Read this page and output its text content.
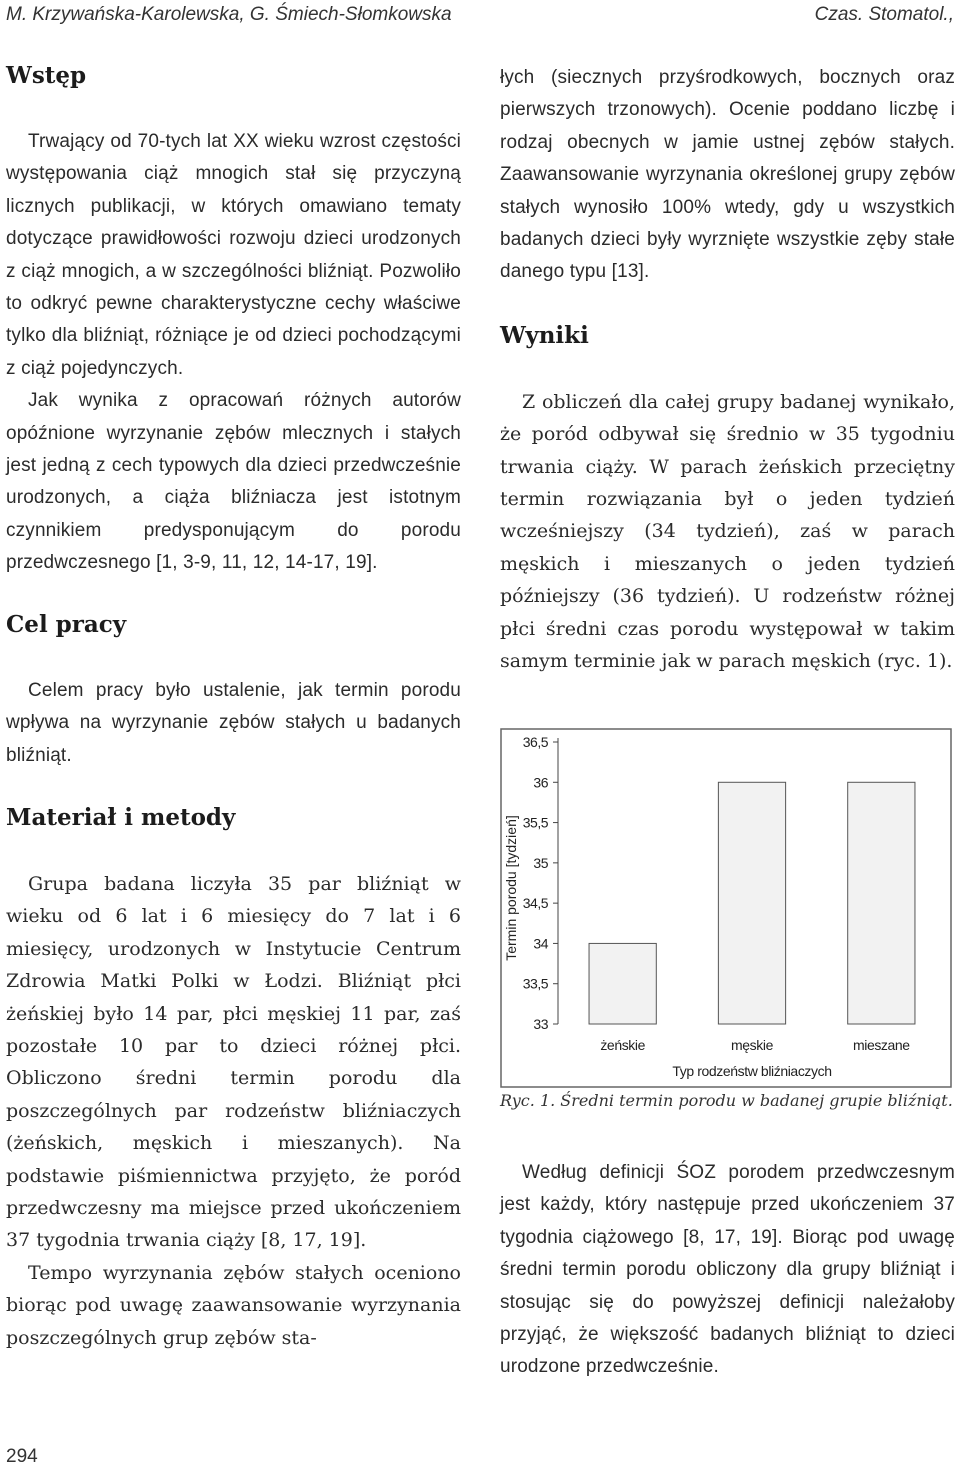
M. Krzywańska-Karolewska, G. Śmiech-Słomkowska	Czas. Stomatol.,
Wstęp

Trwający od 70-tych lat XX wieku wzrost częstości występowania ciąż mnogich stał się przyczyną licznych publikacji, w których omawiano tematy dotyczące prawidłowości rozwoju dzieci urodzonych z ciąż mnogich, a w szczególności bliźniąt. Pozwoliło to odkryć pewne charakterystyczne cechy właściwe tylko dla bliźniąt, różniące je od dzieci pochodzącymi z ciąż pojedynczych.

Jak wynika z opracowań różnych autorów opóźnione wyrzynanie zębów mlecznych i stałych jest jedną z cech typowych dla dzieci przedwcześnie urodzonych, a ciąża bliźniacza jest istotnym czynnikiem predysponującym do porodu przedwczesnego [1, 3-9, 11, 12, 14-17, 19].

Cel pracy

Celem pracy było ustalenie, jak termin porodu wpływa na wyrzynanie zębów stałych u badanych bliźniąt.

Materiał i metody

Grupa badana liczyła 35 par bliźniąt w wieku od 6 lat i 6 miesięcy do 7 lat i 6 miesięcy, urodzonych w Instytucie Centrum Zdrowia Matki Polki w Łodzi. Bliźniąt płci żeńskiej było 14 par, płci męskiej 11 par, zaś pozostałe 10 par to dzieci różnej płci. Obliczono średni termin porodu dla poszczególnych par rodzeństw bliźniaczych (żeńskich, męskich i mieszanych). Na podstawie piśmiennictwa przyjęto, że poród przedwczesny ma miejsce przed ukończeniem 37 tygodnia trwania ciąży [8, 17, 19].

Tempo wyrzynania zębów stałych oceniono biorąc pod uwagę zaawansowanie wyrzynania poszczególnych grup zębów sta-

łych (siecznych przyśrodkowych, bocznych oraz pierwszych trzonowych). Ocenie poddano liczbę i rodzaj obecnych w jamie ustnej zębów stałych. Zaawansowanie wyrzynania określonej grupy zębów stałych wynosiło 100% wtedy, gdy u wszystkich badanych dzieci były wyrznięte wszystkie zęby stałe danego typu [13].

Wyniki

Z obliczeń dla całej grupy badanej wynikało, że poród odbywał się średnio w 35 tygodniu trwania ciąży. W parach żeńskich przeciętny termin rozwiązania był o jeden tydzień wcześniejszy (34 tydzień), zaś w parach męskich i mieszanych o jeden tydzień późniejszy (36 tydzień). U rodzeństw różnej płci średni czas porodu występował w takim samym terminie jak w parach męskich (ryc. 1).

33
33,5
34
34,5
35
35,5
36
36,5
Termin porodu [tydzień]
żeńskie	męskie	mieszane
Typ rodzeństw bliźniaczych
Ryc. 1. Średni termin porodu w badanej grupie bliźniąt.

Według definicji ŚOZ porodem przedwczesnym jest każdy, który następuje przed ukończeniem 37 tygodnia ciążowego [8, 17, 19]. Biorąc pod uwagę średni termin porodu obliczony dla grupy bliźniąt i stosując się do powyższej definicji należałoby przyjąć, że większość badanych bliźniąt to dzieci urodzone przedwcześnie.

294
